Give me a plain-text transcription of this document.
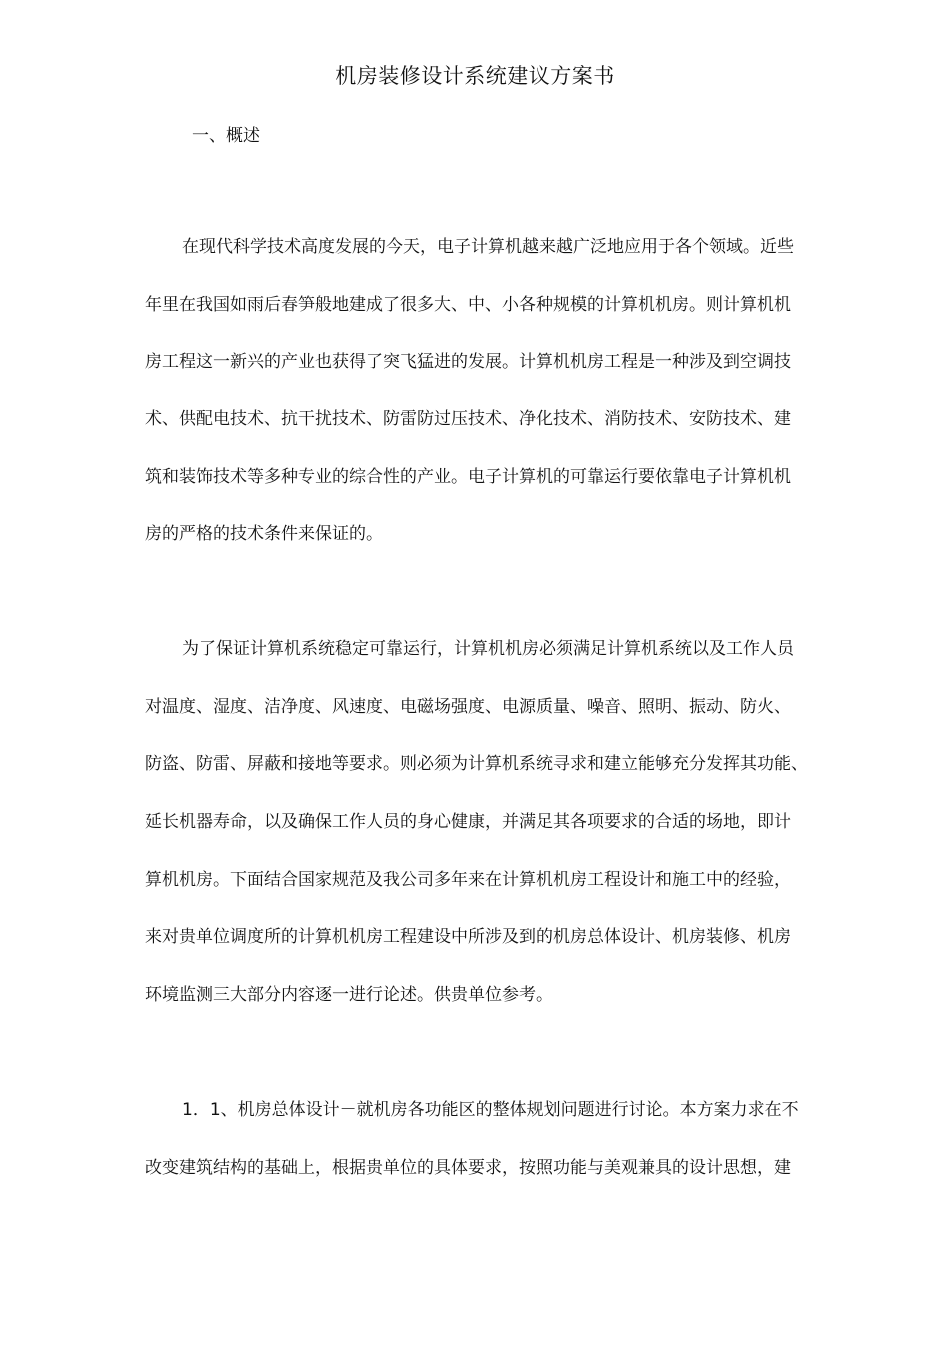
机房装修设计系统建议方案书
一、概述

在现代科学技术高度发展的今天，电子计算机越来越广泛地应用于各个领域。近些

年里在我国如雨后春笋般地建成了很多大、中、小各种规模的计算机机房。则计算机机

房工程这一新兴的产业也获得了突飞猛进的发展。计算机机房工程是一种涉及到空调技

术、供配电技术、抗干扰技术、防雷防过压技术、净化技术、消防技术、安防技术、建

筑和装饰技术等多种专业的综合性的产业。电子计算机的可靠运行要依靠电子计算机机

房的严格的技术条件来保证的。

为了保证计算机系统稳定可靠运行，计算机机房必须满足计算机系统以及工作人员

对温度、湿度、洁净度、风速度、电磁场强度、电源质量、噪音、照明、振动、防火、

防盗、防雷、屏蔽和接地等要求。则必须为计算机系统寻求和建立能够充分发挥其功能、

延长机器寿命，以及确保工作人员的身心健康，并满足其各项要求的合适的场地，即计

算机机房。下面结合国家规范及我公司多年来在计算机机房工程设计和施工中的经验，

来对贵单位调度所的计算机机房工程建设中所涉及到的机房总体设计、机房装修、机房

环境监测三大部分内容逐一进行论述。供贵单位参考。

1．1、机房总体设计－就机房各功能区的整体规划问题进行讨论。本方案力求在不

改变建筑结构的基础上，根据贵单位的具体要求，按照功能与美观兼具的设计思想，建
